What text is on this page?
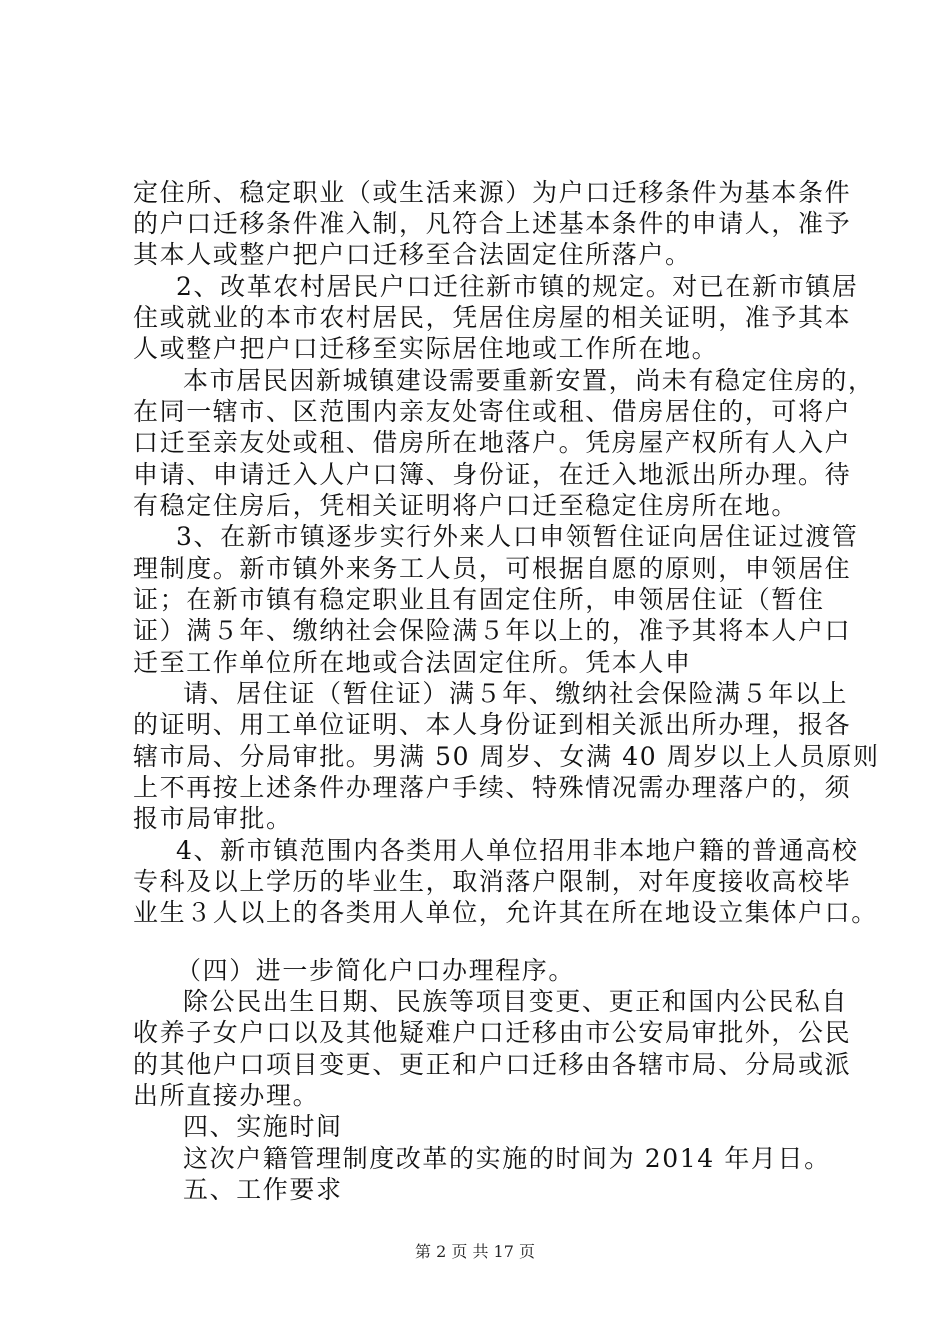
定住所、稳定职业（或生活来源）为户口迁移条件为基本条件
的户口迁移条件准入制，凡符合上述基本条件的申请人，准予
其本人或整户把户口迁移至合法固定住所落户。
2、改革农村居民户口迁往新市镇的规定。对已在新市镇居
住或就业的本市农村居民，凭居住房屋的相关证明，准予其本
人或整户把户口迁移至实际居住地或工作所在地。
本市居民因新城镇建设需要重新安置，尚未有稳定住房的，
在同一辖市、区范围内亲友处寄住或租、借房居住的，可将户
口迁至亲友处或租、借房所在地落户。凭房屋产权所有人入户
申请、申请迁入人户口簿、身份证，在迁入地派出所办理。待
有稳定住房后，凭相关证明将户口迁至稳定住房所在地。
3、在新市镇逐步实行外来人口申领暂住证向居住证过渡管
理制度。新市镇外来务工人员，可根据自愿的原则，申领居住
证；在新市镇有稳定职业且有固定住所，申领居住证（暂住
证）满５年、缴纳社会保险满５年以上的，准予其将本人户口
迁至工作单位所在地或合法固定住所。凭本人申
请、居住证（暂住证）满５年、缴纳社会保险满５年以上
的证明、用工单位证明、本人身份证到相关派出所办理，报各
辖市局、分局审批。男满 50 周岁、女满 40 周岁以上人员原则
上不再按上述条件办理落户手续、特殊情况需办理落户的，须
报市局审批。
4、新市镇范围内各类用人单位招用非本地户籍的普通高校
专科及以上学历的毕业生，取消落户限制，对年度接收高校毕
业生３人以上的各类用人单位，允许其在所在地设立集体户口。
（四）进一步简化户口办理程序。
除公民出生日期、民族等项目变更、更正和国内公民私自
收养子女户口以及其他疑难户口迁移由市公安局审批外，公民
的其他户口项目变更、更正和户口迁移由各辖市局、分局或派
出所直接办理。
四、实施时间
这次户籍管理制度改革的实施的时间为 2014 年月日。
五、工作要求
第 2 页 共 17 页
